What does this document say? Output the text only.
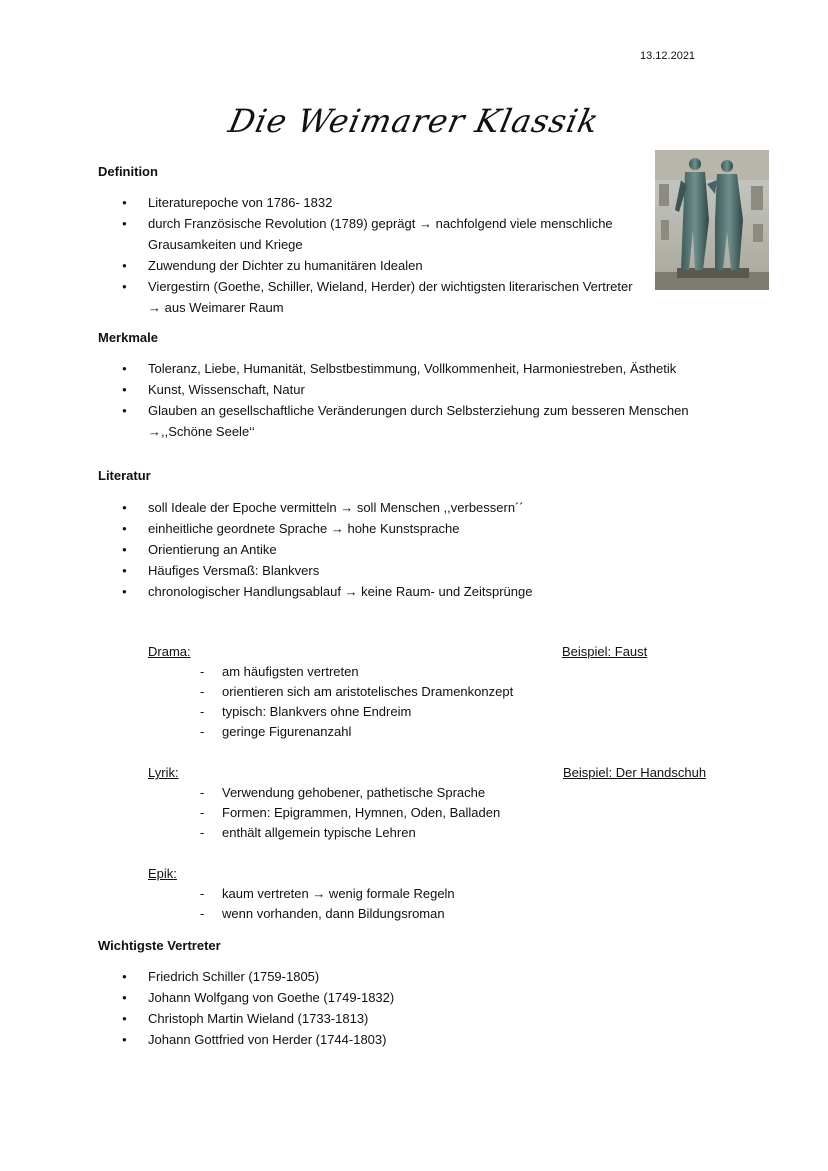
13.12.2021
Die Weimarer Klassik
Definition
● Literaturepoche von 1786- 1832
● durch Französische Revolution (1789) geprägt → nachfolgend viele menschliche Grausamkeiten und Kriege
● Zuwendung der Dichter zu humanitären Idealen
● Viergestirn (Goethe, Schiller, Wieland, Herder) der wichtigsten literarischen Vertreter → aus Weimarer Raum
Merkmale
● Toleranz, Liebe, Humanität, Selbstbestimmung, Vollkommenheit, Harmoniestreben, Ästhetik
● Kunst, Wissenschaft, Natur
● Glauben an gesellschaftliche Veränderungen durch Selbsterziehung zum besseren Menschen →,,Schöne Seele‘‘
Literatur
● soll Ideale der Epoche vermitteln → soll Menschen ,,verbessern´´
● einheitliche geordnete Sprache → hohe Kunstsprache
● Orientierung an Antike
● Häufiges Versmaß: Blankvers
● chronologischer Handlungsablauf → keine Raum- und Zeitsprünge
Drama:	Beispiel: Faust
- am häufigsten vertreten
- orientieren sich am aristotelisches Dramenkonzept
- typisch: Blankvers ohne Endreim
- geringe Figurenanzahl
Lyrik:	Beispiel: Der Handschuh
- Verwendung gehobener, pathetische Sprache
- Formen: Epigrammen, Hymnen, Oden, Balladen
- enthält allgemein typische Lehren
Epik:
- kaum vertreten → wenig formale Regeln
- wenn vorhanden, dann Bildungsroman
Wichtigste Vertreter
● Friedrich Schiller (1759-1805)
● Johann Wolfgang von Goethe (1749-1832)
● Christoph Martin Wieland (1733-1813)
● Johann Gottfried von Herder (1744-1803)
